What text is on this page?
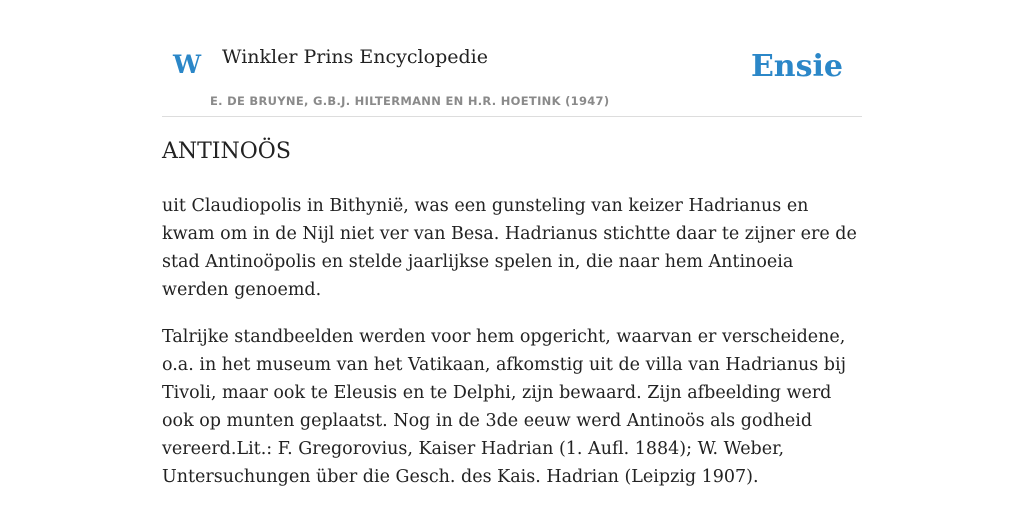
W Winkler Prins Encyclopedie
E. DE BRUYNE, G.B.J. HILTERMANN EN H.R. HOETINK (1947)
Ensie
ANTINOÖS

uit Claudiopolis in Bithynië, was een gunsteling van keizer Hadrianus en kwam om in de Nijl niet ver van Besa. Hadrianus stichtte daar te zijner ere de stad Antinoöpolis en stelde jaarlijkse spelen in, die naar hem Antinoeia werden genoemd.

Talrijke standbeelden werden voor hem opgericht, waarvan er verscheidene, o.a. in het museum van het Vatikaan, afkomstig uit de villa van Hadrianus bij Tivoli, maar ook te Eleusis en te Delphi, zijn bewaard. Zijn afbeelding werd ook op munten geplaatst. Nog in de 3de eeuw werd Antinoös als godheid vereerd.Lit.: F. Gregorovius, Kaiser Hadrian (1. Aufl. 1884); W. Weber, Untersuchungen über die Gesch. des Kais. Hadrian (Leipzig 1907).
